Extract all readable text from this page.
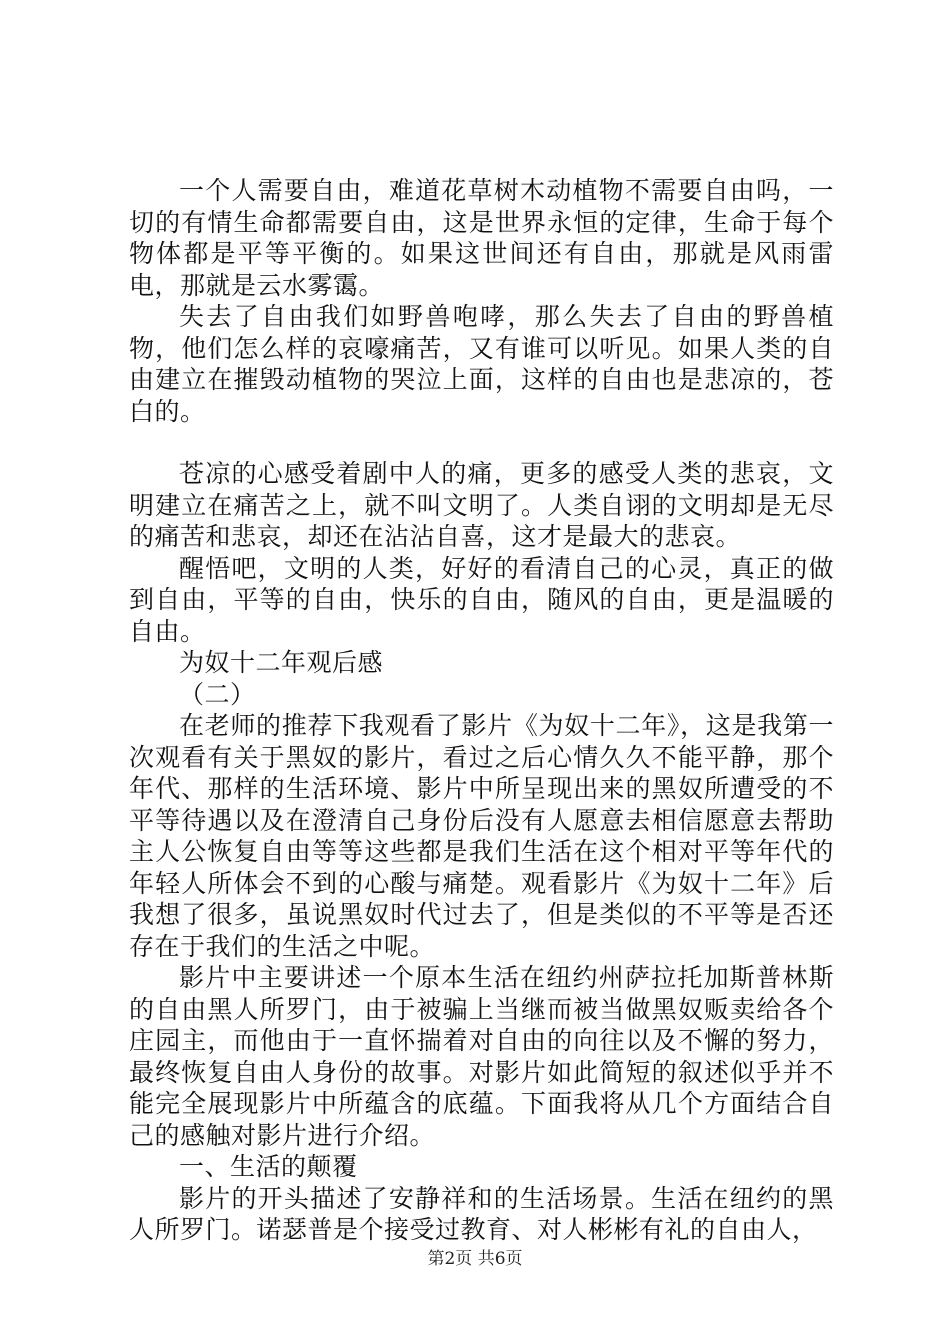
一个人需要自由，难道花草树木动植物不需要自由吗，一切的有情生命都需要自由，这是世界永恒的定律，生命于每个物体都是平等平衡的。如果这世间还有自由，那就是风雨雷电，那就是云水雾霭。

失去了自由我们如野兽咆哮，那么失去了自由的野兽植物，他们怎么样的哀嚎痛苦，又有谁可以听见。如果人类的自由建立在摧毁动植物的哭泣上面，这样的自由也是悲凉的，苍白的。

苍凉的心感受着剧中人的痛，更多的感受人类的悲哀，文明建立在痛苦之上，就不叫文明了。人类自诩的文明却是无尽的痛苦和悲哀，却还在沾沾自喜，这才是最大的悲哀。

醒悟吧，文明的人类，好好的看清自己的心灵，真正的做到自由，平等的自由，快乐的自由，随风的自由，更是温暖的自由。

为奴十二年观后感

（二）

在老师的推荐下我观看了影片《为奴十二年》，这是我第一次观看有关于黑奴的影片，看过之后心情久久不能平静，那个年代、那样的生活环境、影片中所呈现出来的黑奴所遭受的不平等待遇以及在澄清自己身份后没有人愿意去相信愿意去帮助主人公恢复自由等等这些都是我们生活在这个相对平等年代的年轻人所体会不到的心酸与痛楚。观看影片《为奴十二年》后我想了很多，虽说黑奴时代过去了，但是类似的不平等是否还存在于我们的生活之中呢。

影片中主要讲述一个原本生活在纽约州萨拉托加斯普林斯的自由黑人所罗门，由于被骗上当继而被当做黑奴贩卖给各个庄园主，而他由于一直怀揣着对自由的向往以及不懈的努力，最终恢复自由人身份的故事。对影片如此简短的叙述似乎并不能完全展现影片中所蕴含的底蕴。下面我将从几个方面结合自己的感触对影片进行介绍。

一、生活的颠覆

影片的开头描述了安静祥和的生活场景。生活在纽约的黑人所罗门。诺瑟普是个接受过教育、对人彬彬有礼的自由人，

第2页 共6页
